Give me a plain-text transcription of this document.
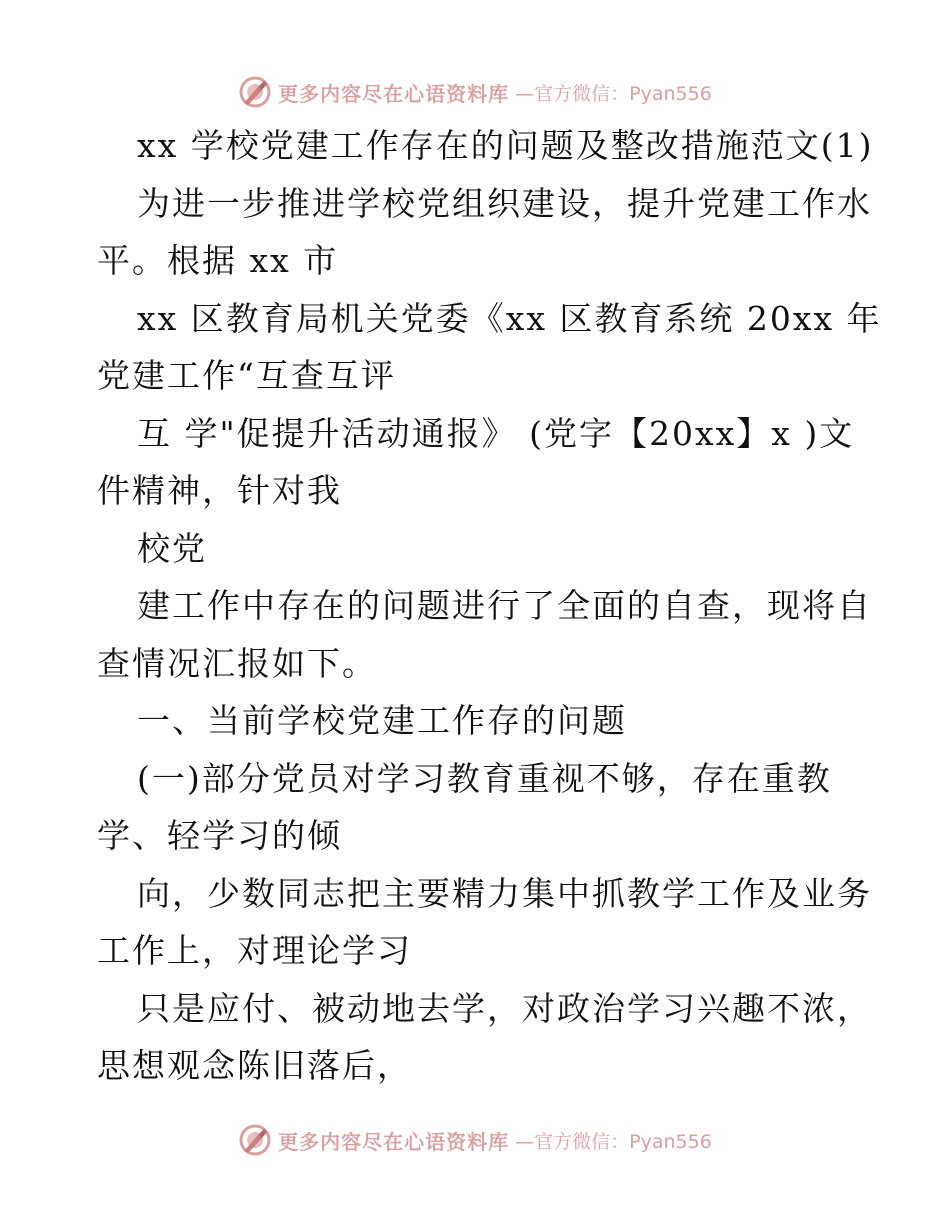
更多内容尽在心语资料库 —官方微信：Pyan556
xx 学校党建工作存在的问题及整改措施范文(1)
为进一步推进学校党组织建设，提升党建工作水
平。根据 xx 市
xx 区教育局机关党委《xx 区教育系统 20xx 年
党建工作“互查互评
互 学"促提升活动通报》 (党字【20xx】x )文
件精神，针对我
校党
建工作中存在的问题进行了全面的自查，现将自
查情况汇报如下。
一、当前学校党建工作存的问题
(一)部分党员对学习教育重视不够，存在重教
学、轻学习的倾
向，少数同志把主要精力集中抓教学工作及业务
工作上，对理论学习
只是应付、被动地去学，对政治学习兴趣不浓，
思想观念陈旧落后，
更多内容尽在心语资料库 —官方微信：Pyan556
